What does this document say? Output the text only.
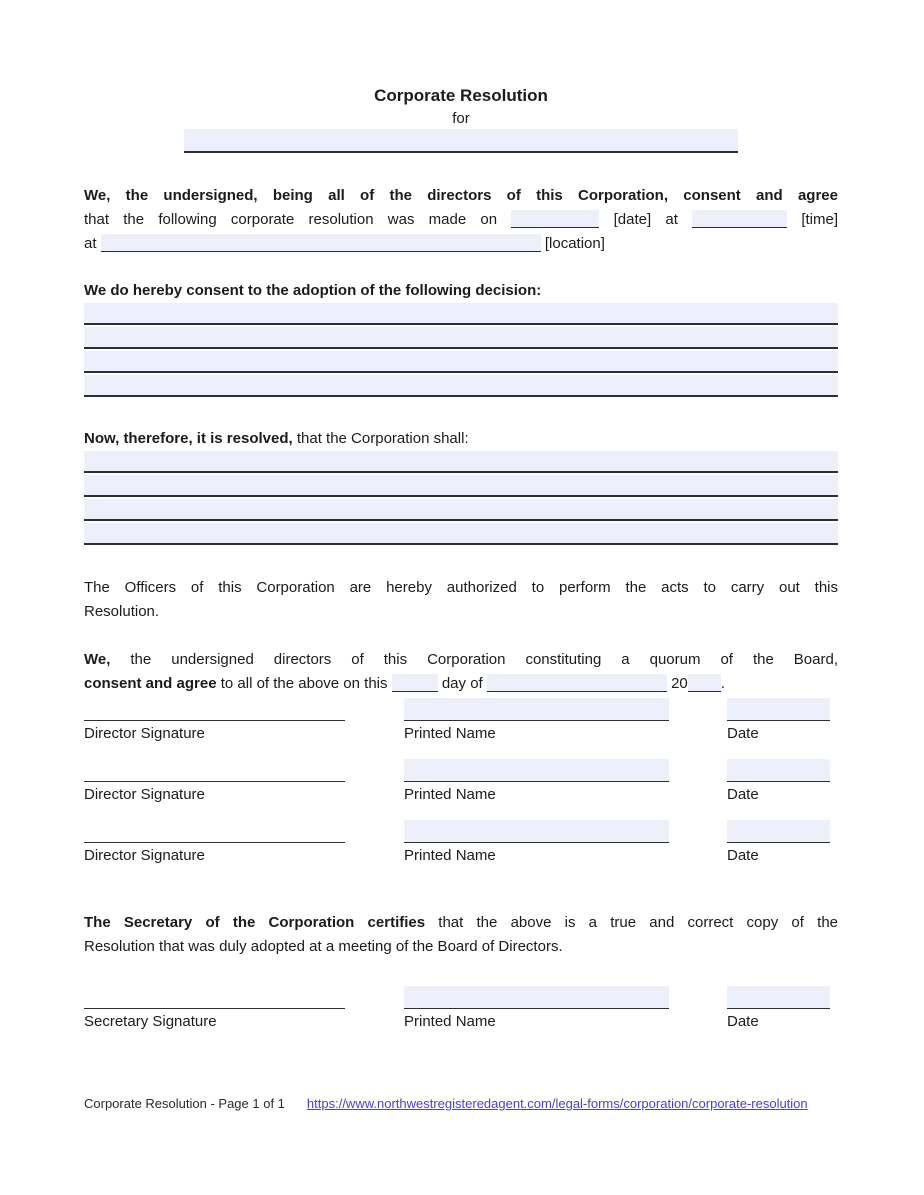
Corporate Resolution
for
We, the undersigned, being all of the directors of this Corporation, consent and agree
that the following corporate resolution was made on	[date] at	[time]
at	[location]
We do hereby consent to the adoption of the following decision:
Now, therefore, it is resolved, that the Corporation shall:
The Officers of this Corporation are hereby authorized to perform the acts to carry out this
Resolution.
We, the undersigned directors of this Corporation constituting a quorum of the Board,
consent and agree to all of the above on this	day of	20 .
Director Signature	Printed Name	Date
Director Signature	Printed Name	Date
Director Signature	Printed Name	Date
The Secretary of the Corporation certifies that the above is a true and correct copy of the
Resolution that was duly adopted at a meeting of the Board of Directors.
Secretary Signature	Printed Name	Date
Corporate Resolution - Page 1 of 1 https://www.northwestregisteredagent.com/legal-forms/corporation/corporate-resolution
